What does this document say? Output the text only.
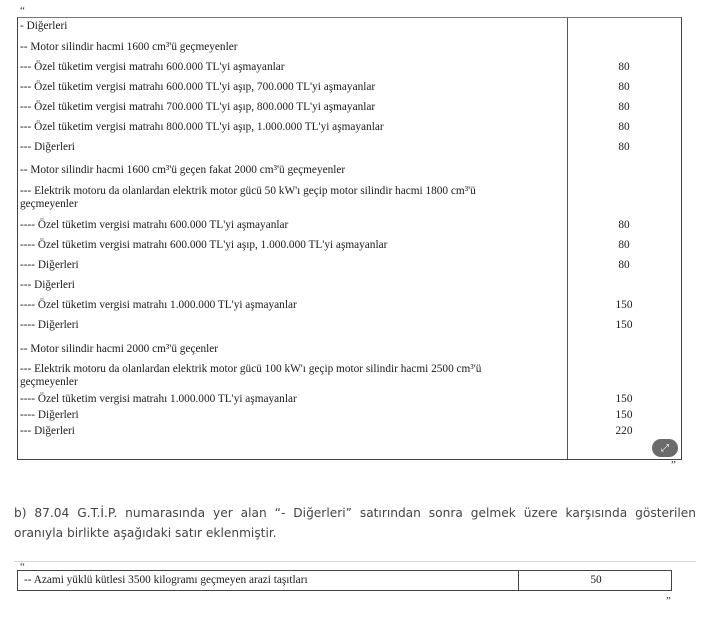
“
- Diğerleri
-- Motor silindir hacmi 1600 cm³'ü geçmeyenler
--- Özel tüketim vergisi matrahı 600.000 TL'yi aşmayanlar	80
--- Özel tüketim vergisi matrahı 600.000 TL'yi aşıp, 700.000 TL'yi aşmayanlar	80
--- Özel tüketim vergisi matrahı 700.000 TL'yi aşıp, 800.000 TL'yi aşmayanlar	80
--- Özel tüketim vergisi matrahı 800.000 TL'yi aşıp, 1.000.000 TL'yi aşmayanlar	80
--- Diğerleri	80
-- Motor silindir hacmi 1600 cm³'ü geçen fakat 2000 cm³'ü geçmeyenler
--- Elektrik motoru da olanlardan elektrik motor gücü 50 kW'ı geçip motor silindir hacmi 1800 cm³'ü
geçmeyenler
---- Özel tüketim vergisi matrahı 600.000 TL'yi aşmayanlar	80
---- Özel tüketim vergisi matrahı 600.000 TL'yi aşıp, 1.000.000 TL'yi aşmayanlar	80
---- Diğerleri	80
--- Diğerleri
---- Özel tüketim vergisi matrahı 1.000.000 TL'yi aşmayanlar	150
---- Diğerleri	150
-- Motor silindir hacmi 2000 cm³'ü geçenler
--- Elektrik motoru da olanlardan elektrik motor gücü 100 kW'ı geçip motor silindir hacmi 2500 cm³'ü
geçmeyenler
---- Özel tüketim vergisi matrahı 1.000.000 TL'yi aşmayanlar	150
---- Diğerleri	150
--- Diğerleri	220
”
⤢
b) 87.04 G.T.İ.P. numarasında yer alan “- Diğerleri” satırından sonra gelmek üzere karşısında gösterilen oranıyla birlikte aşağıdaki satır eklenmiştir.
“
-- Azami yüklü kütlesi 3500 kilogramı geçmeyen arazi taşıtları	50
”
